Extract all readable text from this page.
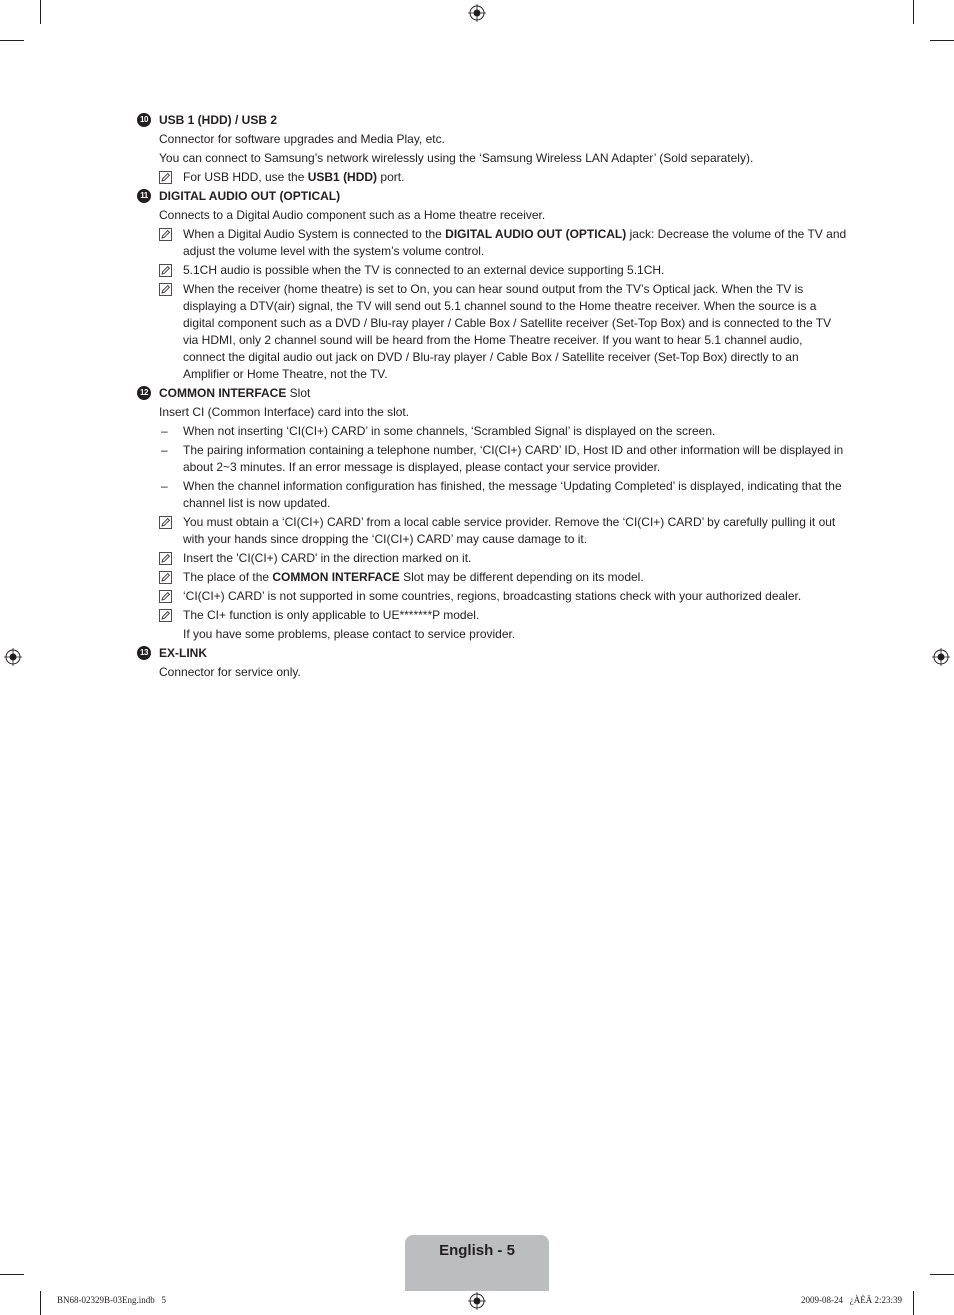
10 USB 1 (HDD) / USB 2
Connector for software upgrades and Media Play, etc.
You can connect to Samsung’s network wirelessly using the ‘Samsung Wireless LAN Adapter’ (Sold separately).
For USB HDD, use the USB1 (HDD) port.
11 DIGITAL AUDIO OUT (OPTICAL)
Connects to a Digital Audio component such as a Home theatre receiver.
When a Digital Audio System is connected to the DIGITAL AUDIO OUT (OPTICAL) jack: Decrease the volume of the TV and adjust the volume level with the system’s volume control.
5.1CH audio is possible when the TV is connected to an external device supporting 5.1CH.
When the receiver (home theatre) is set to On, you can hear sound output from the TV’s Optical jack. When the TV is displaying a DTV(air) signal, the TV will send out 5.1 channel sound to the Home theatre receiver. When the source is a digital component such as a DVD / Blu-ray player / Cable Box / Satellite receiver (Set-Top Box) and is connected to the TV via HDMI, only 2 channel sound will be heard from the Home Theatre receiver. If you want to hear 5.1 channel audio, connect the digital audio out jack on DVD / Blu-ray player / Cable Box / Satellite receiver (Set-Top Box) directly to an Amplifier or Home Theatre, not the TV.
12 COMMON INTERFACE Slot
Insert CI (Common Interface) card into the slot.
– When not inserting ‘CI(CI+) CARD’ in some channels, ‘Scrambled Signal’ is displayed on the screen.
– The pairing information containing a telephone number, ‘CI(CI+) CARD’ ID, Host ID and other information will be displayed in about 2~3 minutes. If an error message is displayed, please contact your service provider.
– When the channel information configuration has finished, the message ‘Updating Completed’ is displayed, indicating that the channel list is now updated.
You must obtain a ‘CI(CI+) CARD’ from a local cable service provider. Remove the ‘CI(CI+) CARD’ by carefully pulling it out with your hands since dropping the ‘CI(CI+) CARD’ may cause damage to it.
Insert the 'CI(CI+) CARD' in the direction marked on it.
The place of the COMMON INTERFACE Slot may be different depending on its model.
‘CI(CI+) CARD’ is not supported in some countries, regions, broadcasting stations check with your authorized dealer.
The CI+ function is only applicable to UE*******P model.
If you have some problems, please contact to service provider.
13 EX-LINK
Connector for service only.
English - 5
BN68-02329B-03Eng.indb   5	2009-08-24   ¿ÀÈÄ 2:23:39
